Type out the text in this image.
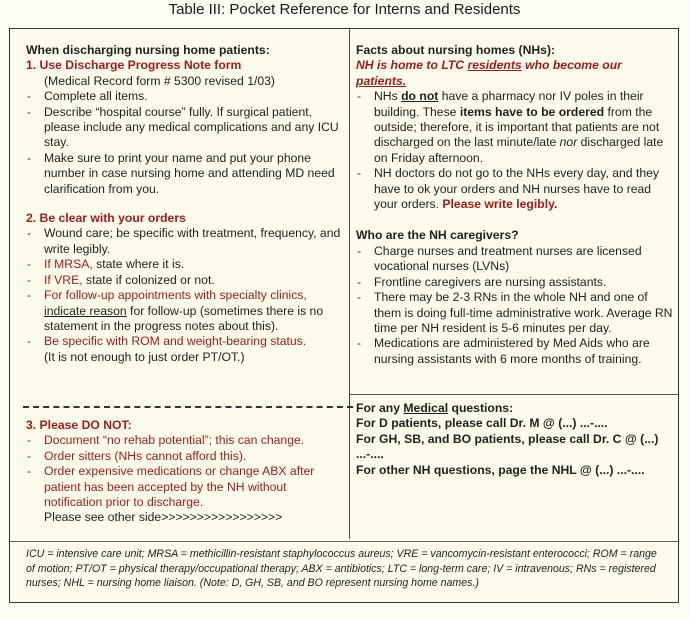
Table III: Pocket Reference for Interns and Residents

When discharging nursing home patients:

1. Use Discharge Progress Note form

(Medical Record form # 5300 revised 1/03)

- Complete all items.
- Describe “hospital course” fully. If surgical patient, please include any medical complications and any ICU stay.
- Make sure to print your name and put your phone number in case nursing home and attending MD need clarification from you.

2. Be clear with your orders

- Wound care; be specific with treatment, frequency, and write legibly.
- If MRSA, state where it is.
- If VRE, state if colonized or not.
- For follow-up appointments with specialty clinics, indicate reason for follow-up (sometimes there is no statement in the progress notes about this).
- Be specific with ROM and weight-bearing status.

(It is not enough to just order PT/OT.)

3. Please DO NOT:

- Document “no rehab potential”; this can change.
- Order sitters (NHs cannot afford this).
- Order expensive medications or change ABX after patient has been accepted by the NH without notification prior to discharge.

Please see other side>>>>>>>>>>>>>>>>>

Facts about nursing homes (NHs):

NH is home to LTC residents who become our patients.

- NHs do not have a pharmacy nor IV poles in their building. These items have to be ordered from the outside; therefore, it is important that patients are not discharged on the last minute/late nor discharged late on Friday afternoon.
- NH doctors do not go to the NHs every day, and they have to ok your orders and NH nurses have to read your orders. Please write legibly.

Who are the NH caregivers?

- Charge nurses and treatment nurses are licensed vocational nurses (LVNs)
- Frontline caregivers are nursing assistants.
- There may be 2-3 RNs in the whole NH and one of them is doing full-time administrative work. Average RN time per NH resident is 5-6 minutes per day.
- Medications are administered by Med Aids who are nursing assistants with 6 more months of training.

For any Medical questions:

For D patients, please call Dr. M @ (...) ...-....

For GH, SB, and BO patients, please call Dr. C @ (...) ...-....

For other NH questions, page the NHL @ (...) ...-....

ICU = intensive care unit; MRSA = methicillin-resistant staphylococcus aureus; VRE = vancomycin-resistant enterococci; ROM = range of motion; PT/OT = physical therapy/occupational therapy; ABX = antibiotics; LTC = long-term care; IV = intravenous; RNs = registered nurses; NHL = nursing home liaison. (Note: D, GH, SB, and BO represent nursing home names.)
